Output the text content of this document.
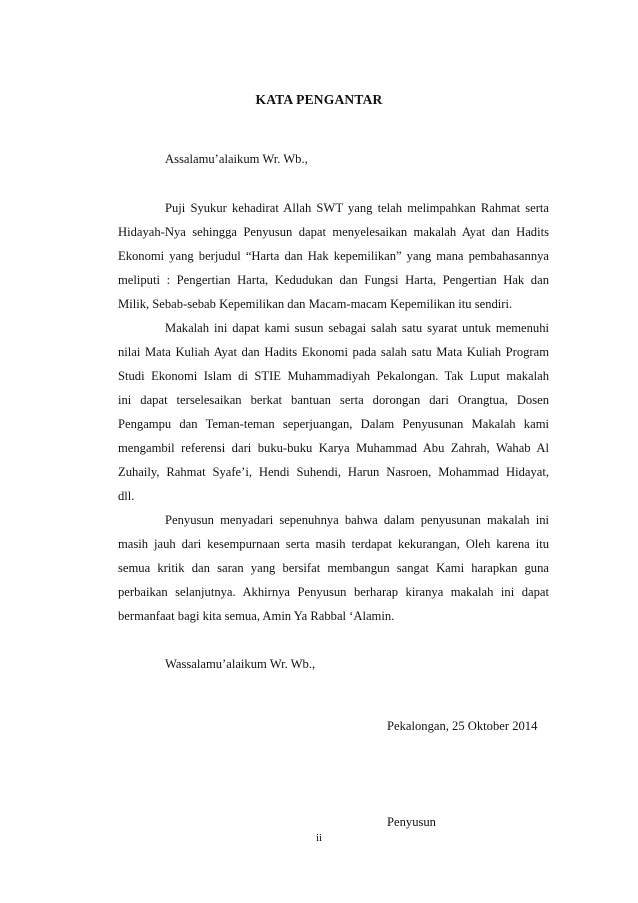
KATA PENGANTAR
Assalamu’alaikum Wr. Wb.,
Puji Syukur kehadirat Allah SWT yang telah melimpahkan Rahmat serta
Hidayah-Nya sehingga Penyusun dapat menyelesaikan makalah Ayat dan Hadits
Ekonomi yang berjudul “Harta dan Hak kepemilikan” yang mana pembahasannya
meliputi : Pengertian Harta, Kedudukan dan Fungsi Harta, Pengertian Hak dan
Milik, Sebab-sebab Kepemilikan dan Macam-macam Kepemilikan itu sendiri.
Makalah ini dapat kami susun sebagai salah satu syarat untuk memenuhi
nilai Mata Kuliah Ayat dan Hadits Ekonomi pada salah satu Mata Kuliah Program
Studi Ekonomi Islam di STIE Muhammadiyah Pekalongan. Tak Luput makalah
ini dapat terselesaikan berkat bantuan serta dorongan dari Orangtua, Dosen
Pengampu dan Teman-teman seperjuangan, Dalam Penyusunan Makalah kami
mengambil referensi dari buku-buku Karya Muhammad Abu Zahrah, Wahab Al
Zuhaily, Rahmat Syafe’i, Hendi Suhendi, Harun Nasroen, Mohammad Hidayat,
dll.
Penyusun menyadari sepenuhnya bahwa dalam penyusunan makalah ini
masih jauh dari kesempurnaan serta masih terdapat kekurangan, Oleh karena itu
semua kritik dan saran yang bersifat membangun sangat Kami harapkan guna
perbaikan selanjutnya. Akhirnya Penyusun berharap kiranya makalah ini dapat
bermanfaat bagi kita semua, Amin Ya Rabbal ‘Alamin.
Wassalamu’alaikum Wr. Wb.,
Pekalongan, 25 Oktober 2014
Penyusun
ii
